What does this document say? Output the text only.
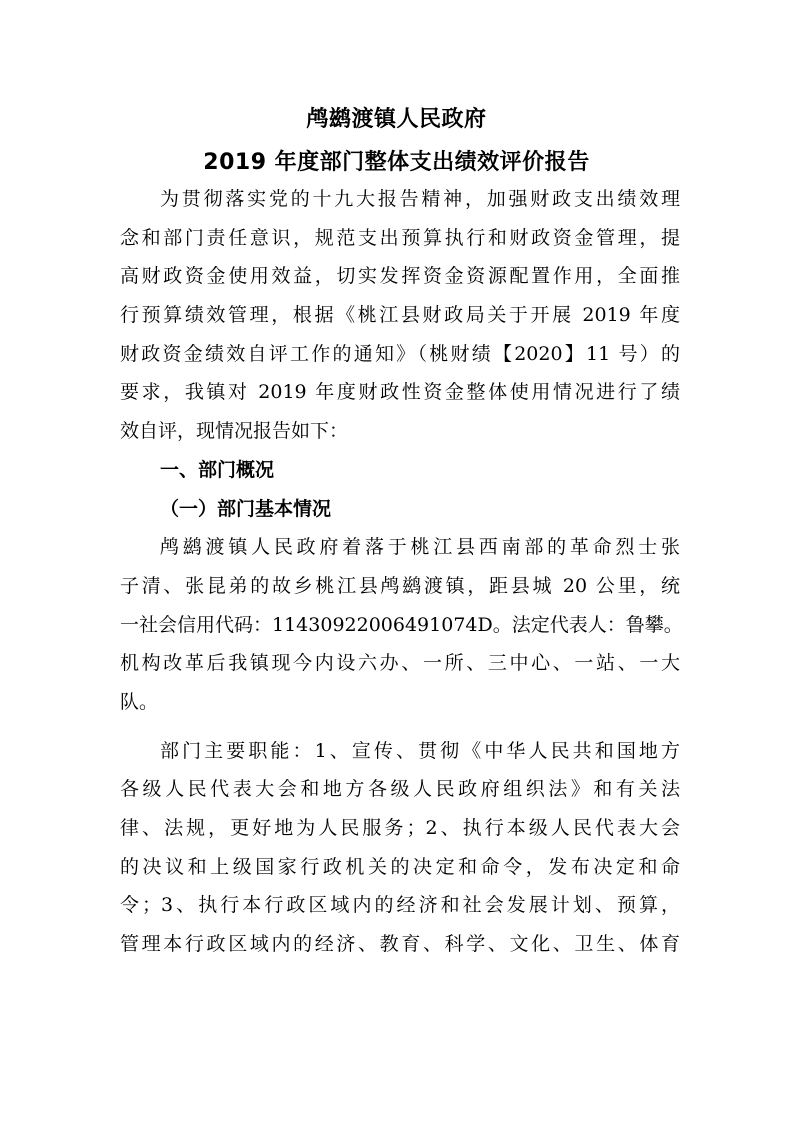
鸬鹚渡镇人民政府
2019 年度部门整体支出绩效评价报告
为贯彻落实党的十九大报告精神，加强财政支出绩效理
念和部门责任意识，规范支出预算执行和财政资金管理，提
高财政资金使用效益，切实发挥资金资源配置作用，全面推
行预算绩效管理，根据《桃江县财政局关于开展 2019 年度
财政资金绩效自评工作的通知》（桃财绩【2020】11 号）的
要求，我镇对 2019 年度财政性资金整体使用情况进行了绩
效自评，现情况报告如下：
一、部门概况
（一）部门基本情况
鸬鹚渡镇人民政府着落于桃江县西南部的革命烈士张
子清、张昆弟的故乡桃江县鸬鹚渡镇，距县城 20 公里，统
一社会信用代码：11430922006491074D。法定代表人：鲁攀。
机构改革后我镇现今内设六办、一所、三中心、一站、一大
队。
部门主要职能：1、宣传、贯彻《中华人民共和国地方
各级人民代表大会和地方各级人民政府组织法》和有关法
律、法规，更好地为人民服务；2、执行本级人民代表大会
的决议和上级国家行政机关的决定和命令，发布决定和命
令；3、执行本行政区域内的经济和社会发展计划、预算，
管理本行政区域内的经济、教育、科学、文化、卫生、体育
